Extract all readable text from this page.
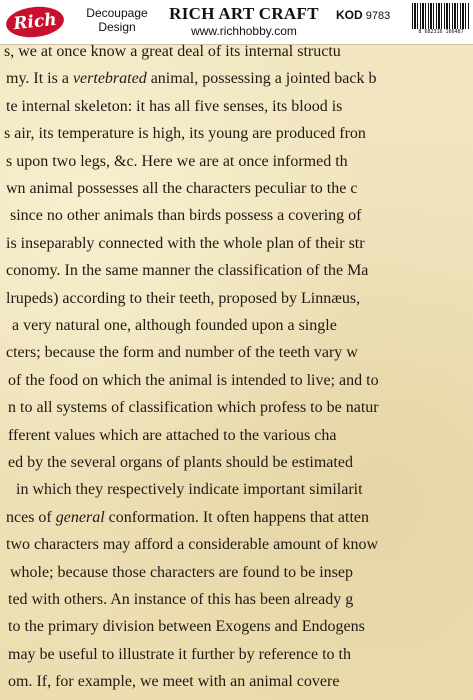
Rich	Decoupage
Design
RICH ART CRAFT
www.richhobby.com
KOD 9783
8 682316 166487
s, we at once know a great deal of its internal structu
my. It is a vertebrated animal, possessing a jointed back b
te internal skeleton: it has all five senses, its blood is
s air, its temperature is high, its young are produced fron
s upon two legs, &c. Here we are at once informed th
wn animal possesses all the characters peculiar to the c
since no other animals than birds possess a covering of
is inseparably connected with the whole plan of their str
conomy. In the same manner the classification of the Ma
lrupeds) according to their teeth, proposed by Linnæus,
a very natural one, although founded upon a single
cters; because the form and number of the teeth vary w
of the food on which the animal is intended to live; and to
n to all systems of classification which profess to be natur
fferent values which are attached to the various cha
ed by the several organs of plants should be estimated
in which they respectively indicate important similarit
nces of general conformation. It often happens that atten
two characters may afford a considerable amount of know
whole; because those characters are found to be insep
ted with others. An instance of this has been already g
to the primary division between Exogens and Endogens
may be useful to illustrate it further by reference to th
om. If, for example, we meet with an animal covere
